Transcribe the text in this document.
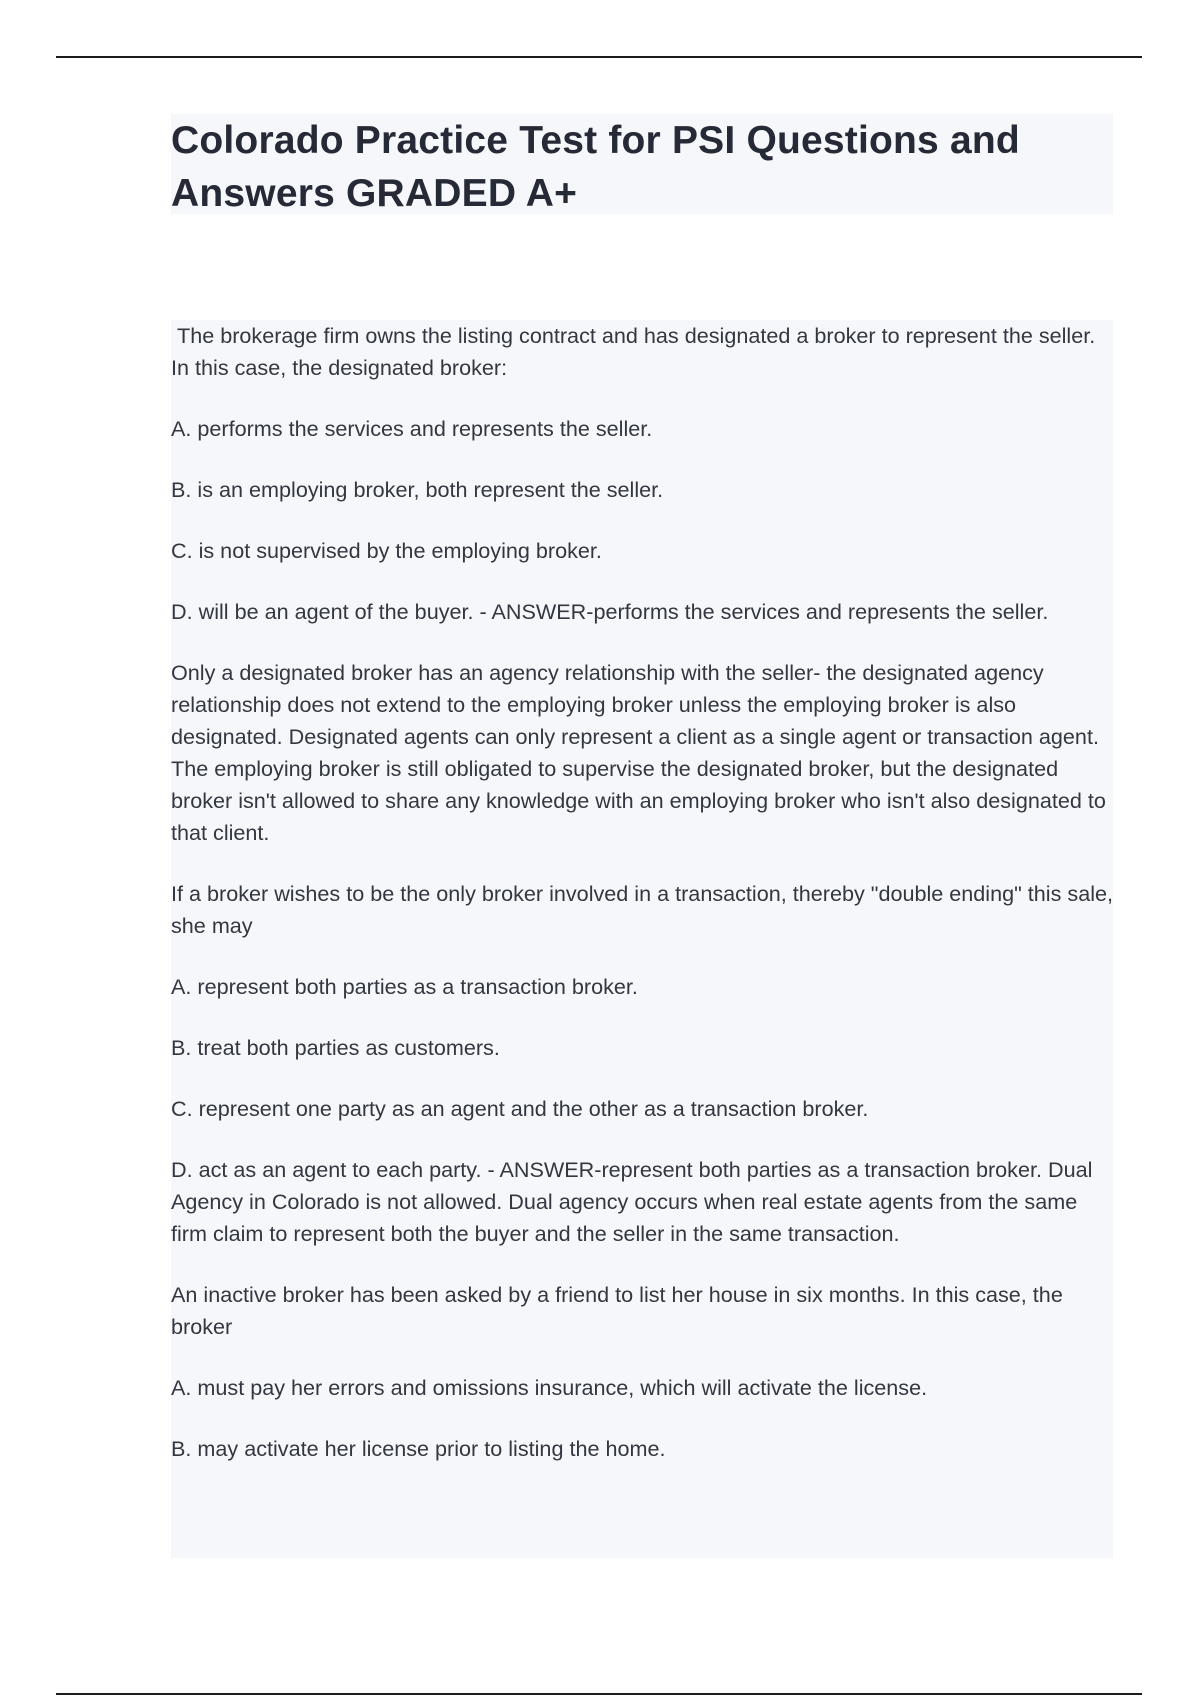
Colorado Practice Test for PSI Questions and Answers GRADED A+

The brokerage firm owns the listing contract and has designated a broker to represent the seller. In this case, the designated broker:

A. performs the services and represents the seller.

B. is an employing broker, both represent the seller.

C. is not supervised by the employing broker.

D. will be an agent of the buyer. - ANSWER-performs the services and represents the seller.

Only a designated broker has an agency relationship with the seller- the designated agency relationship does not extend to the employing broker unless the employing broker is also designated. Designated agents can only represent a client as a single agent or transaction agent. The employing broker is still obligated to supervise the designated broker, but the designated broker isn't allowed to share any knowledge with an employing broker who isn't also designated to that client.

If a broker wishes to be the only broker involved in a transaction, thereby "double ending" this sale, she may

A. represent both parties as a transaction broker.

B. treat both parties as customers.

C. represent one party as an agent and the other as a transaction broker.

D. act as an agent to each party. - ANSWER-represent both parties as a transaction broker. Dual Agency in Colorado is not allowed. Dual agency occurs when real estate agents from the same firm claim to represent both the buyer and the seller in the same transaction.

An inactive broker has been asked by a friend to list her house in six months. In this case, the broker

A. must pay her errors and omissions insurance, which will activate the license.

B. may activate her license prior to listing the home.
